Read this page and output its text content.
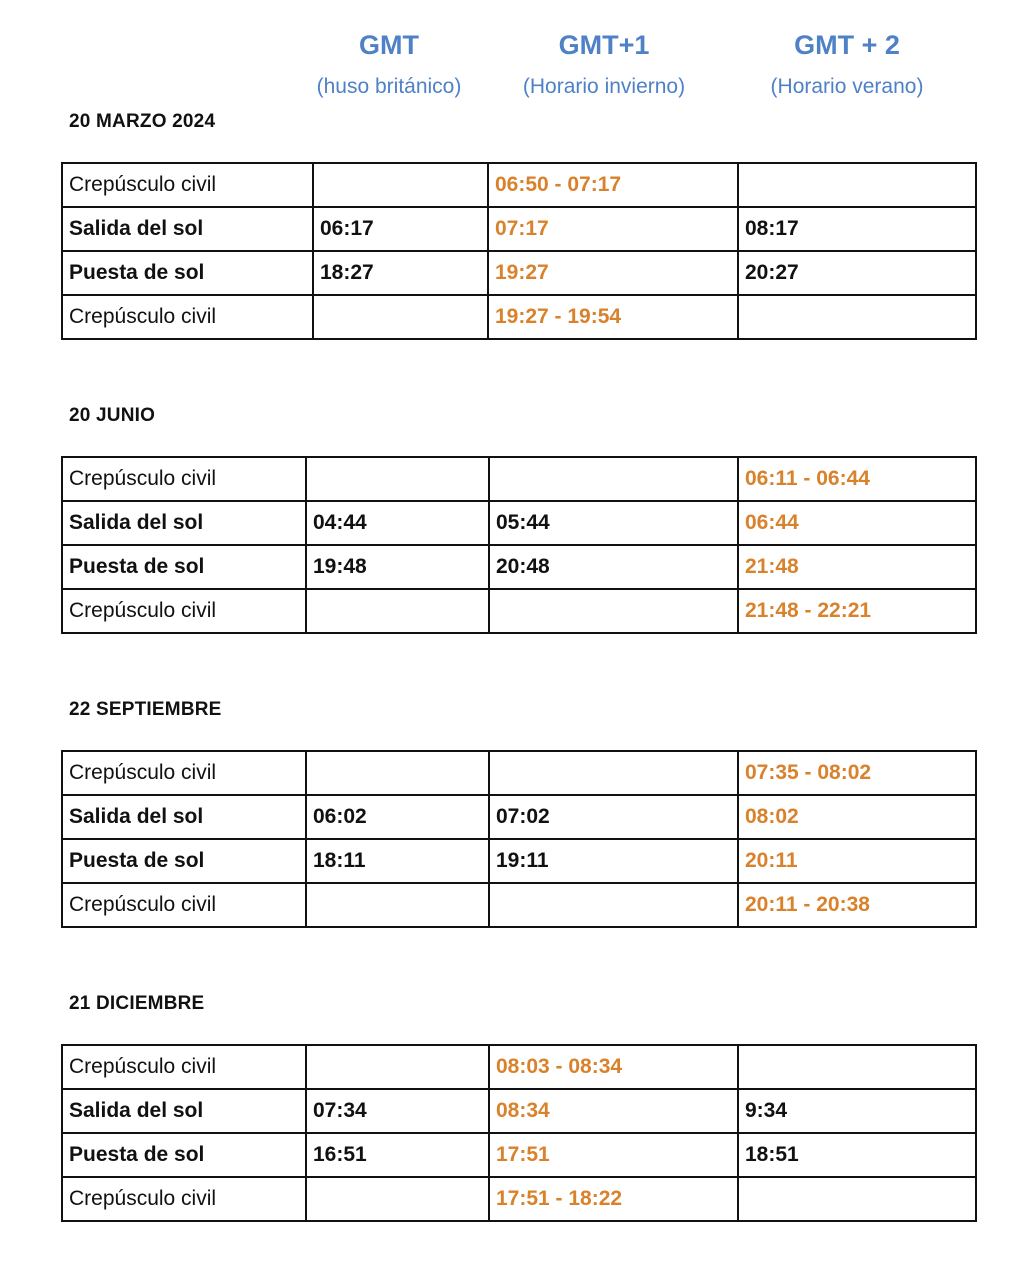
GMT
(huso británico)
GMT+1
(Horario invierno)
GMT + 2
(Horario verano)
20 MARZO 2024
Crepúsculo civil		06:50 - 07:17	
Salida del sol	06:17	07:17	08:17
Puesta de sol	18:27	19:27	20:27
Crepúsculo civil		19:27 - 19:54	
20 JUNIO
Crepúsculo civil			06:11 - 06:44
Salida del sol	04:44	05:44	06:44
Puesta de sol	19:48	20:48	21:48
Crepúsculo civil			21:48 - 22:21
22 SEPTIEMBRE
Crepúsculo civil			07:35 - 08:02
Salida del sol	06:02	07:02	08:02
Puesta de sol	18:11	19:11	20:11
Crepúsculo civil			20:11 - 20:38
21 DICIEMBRE
Crepúsculo civil		08:03 - 08:34	
Salida del sol	07:34	08:34	9:34
Puesta de sol	16:51	17:51	18:51
Crepúsculo civil		17:51 - 18:22	
